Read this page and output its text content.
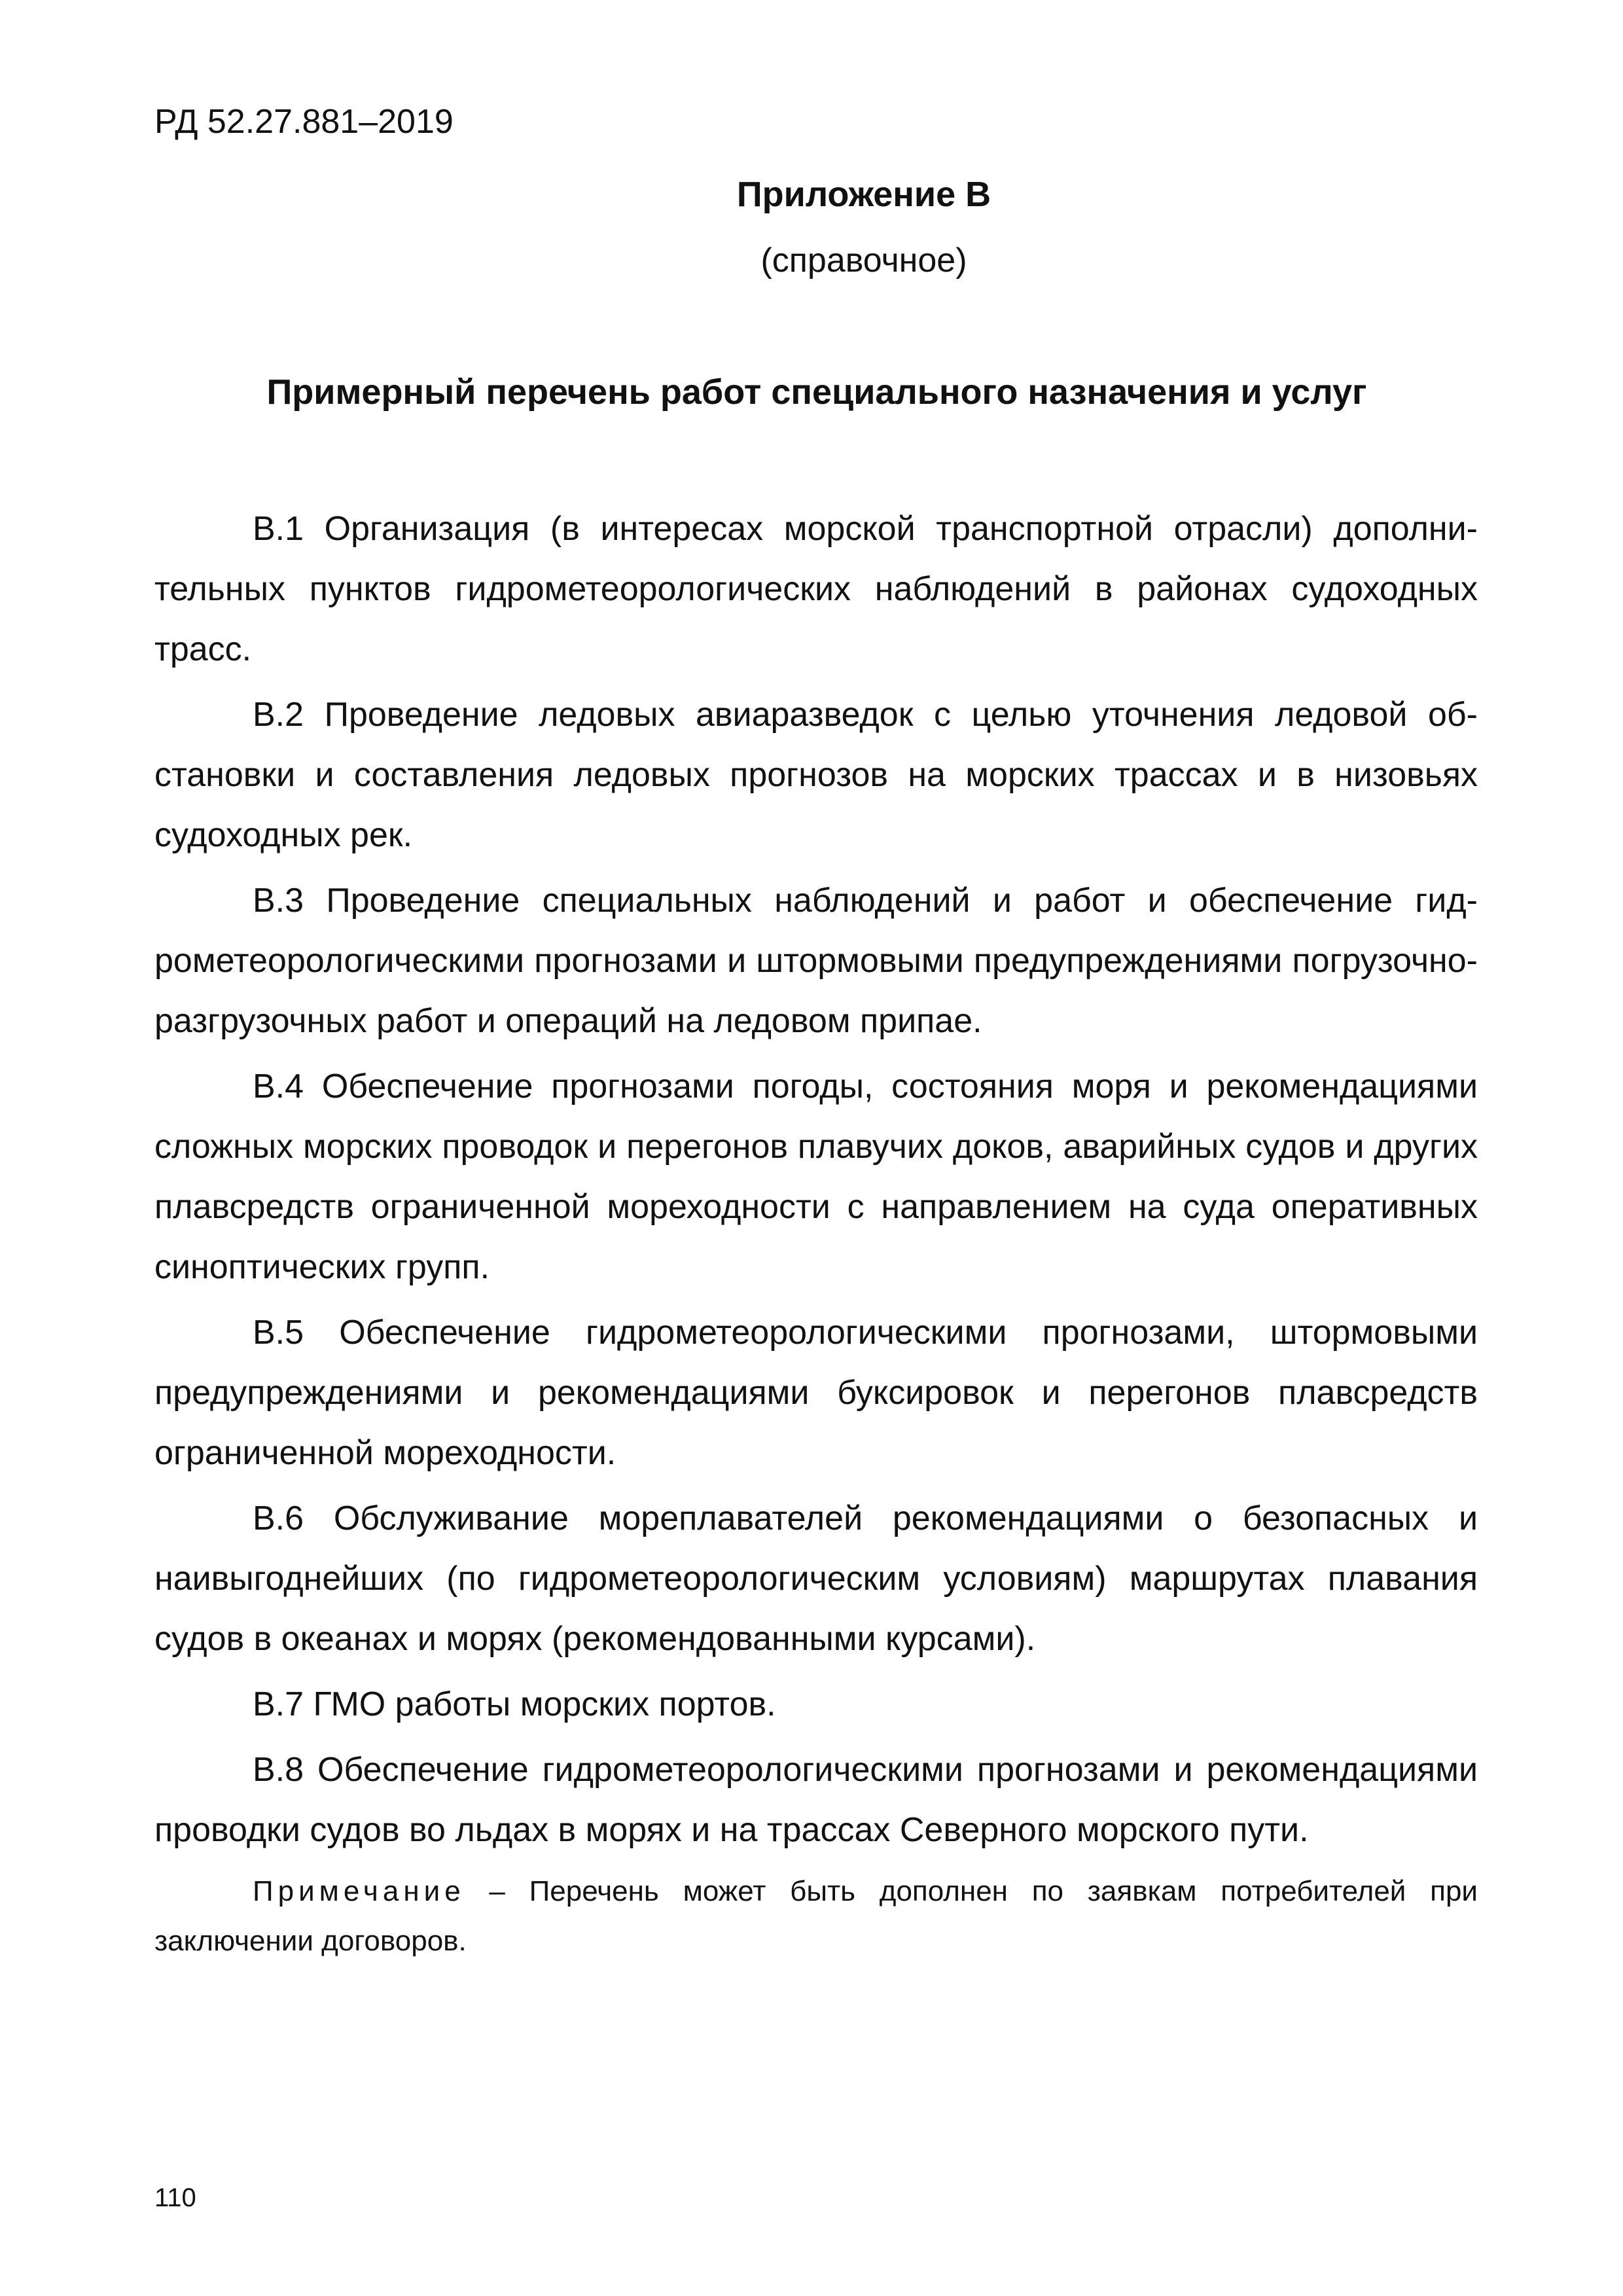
РД 52.27.881–2019
Приложение В
(справочное)
Примерный перечень работ специального назначения и услуг

В.1 Организация (в интересах морской транспортной отрасли) дополнительных пунктов гидрометеорологических наблюдений в районах судоходных трасс.

В.2 Проведение ледовых авиаразведок с целью уточнения ледовой обстановки и составления ледовых прогнозов на морских трассах и в низовьях судоходных рек.

В.3 Проведение специальных наблюдений и работ и обеспечение гидрометеорологическими прогнозами и штормовыми предупреждениями погрузочно-разгрузочных работ и операций на ледовом припае.

В.4 Обеспечение прогнозами погоды, состояния моря и рекомендациями сложных морских проводок и перегонов плавучих доков, аварийных судов и других плавсредств ограниченной мореходности с направлением на суда оперативных синоптических групп.

В.5 Обеспечение гидрометеорологическими прогнозами, штормовыми предупреждениями и рекомендациями буксировок и перегонов плавсредств ограниченной мореходности.

В.6 Обслуживание мореплавателей рекомендациями о безопасных и наивыгоднейших (по гидрометеорологическим условиям) маршрутах плавания судов в океанах и морях (рекомендованными курсами).

В.7 ГМО работы морских портов.

В.8 Обеспечение гидрометеорологическими прогнозами и рекомендациями проводки судов во льдах в морях и на трассах Северного морского пути.

Примечание – Перечень может быть дополнен по заявкам потребителей при заключении договоров.

110
